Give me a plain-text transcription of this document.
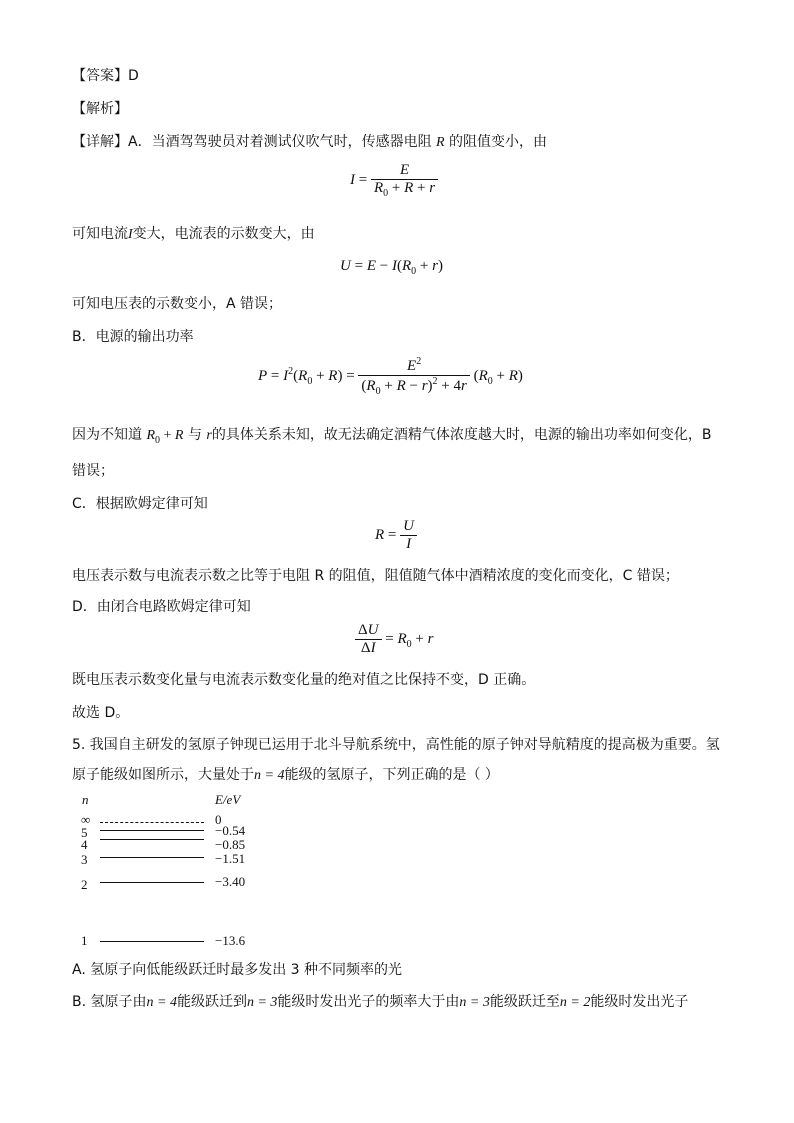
【答案】D
【解析】
【详解】A．当酒驾驾驶员对着测试仪吹气时，传感器电阻 R 的阻值变小，由
$I = \frac{E}{R_0 + R + r}$
可知电流I变大，电流表的示数变大，由
$U = E - I(R_0 + r)$
可知电压表的示数变小，A 错误；
B．电源的输出功率
$P = I^2(R_0 + R) = \frac{E^2}{(R_0 + R - r)^2 + 4r} (R_0 + R)$
因为不知道 $R_0 + R$ 与 r的具体关系未知，故无法确定酒精气体浓度越大时，电源的输出功率如何变化，B
错误；
C．根据欧姆定律可知
$R = \frac{U}{I}$
电压表示数与电流表示数之比等于电阻 R 的阻值，阻值随气体中酒精浓度的变化而变化，C 错误；
D．由闭合电路欧姆定律可知
$\frac{\Delta U}{\Delta I} = R_0 + r$
既电压表示数变化量与电流表示数变化量的绝对值之比保持不变，D 正确。
故选 D。
5. 我国自主研发的氢原子钟现已运用于北斗导航系统中，高性能的原子钟对导航精度的提高极为重要。氢
原子能级如图所示，大量处于n = 4能级的氢原子，下列正确的是（ ）
n	E/eV
∞	0
5	−0.54
4	−0.85
3	−1.51
2	−3.40
1	−13.6
A. 氢原子向低能级跃迁时最多发出 3 种不同频率的光
B. 氢原子由n = 4能级跃迁到n = 3能级时发出光子的频率大于由n = 3能级跃迁至n = 2能级时发出光子
